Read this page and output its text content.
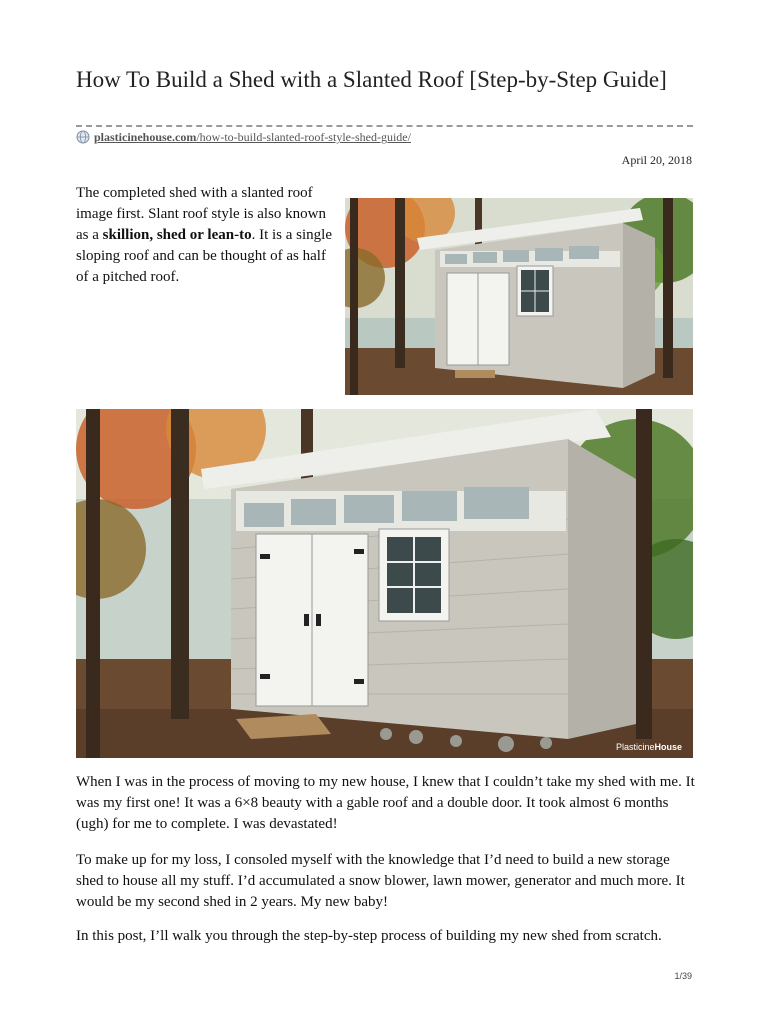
How To Build a Shed with a Slanted Roof [Step-by-Step Guide]
plasticinehouse.com/how-to-build-slanted-roof-style-shed-guide/
April 20, 2018

The completed shed with a slanted roof image first. Slant roof style is also known as a skillion, shed or lean-to. It is a single sloping roof and can be thought of as half of a pitched roof.

PlasticineHouse

When I was in the process of moving to my new house, I knew that I couldn’t take my shed with me. It was my first one! It was a 6×8 beauty with a gable roof and a double door. It took almost 6 months (ugh) for me to complete. I was devastated!

To make up for my loss, I consoled myself with the knowledge that I’d need to build a new storage shed to house all my stuff. I’d accumulated a snow blower, lawn mower, generator and much more. It would be my second shed in 2 years. My new baby!

In this post, I’ll walk you through the step-by-step process of building my new shed from scratch.

1/39
